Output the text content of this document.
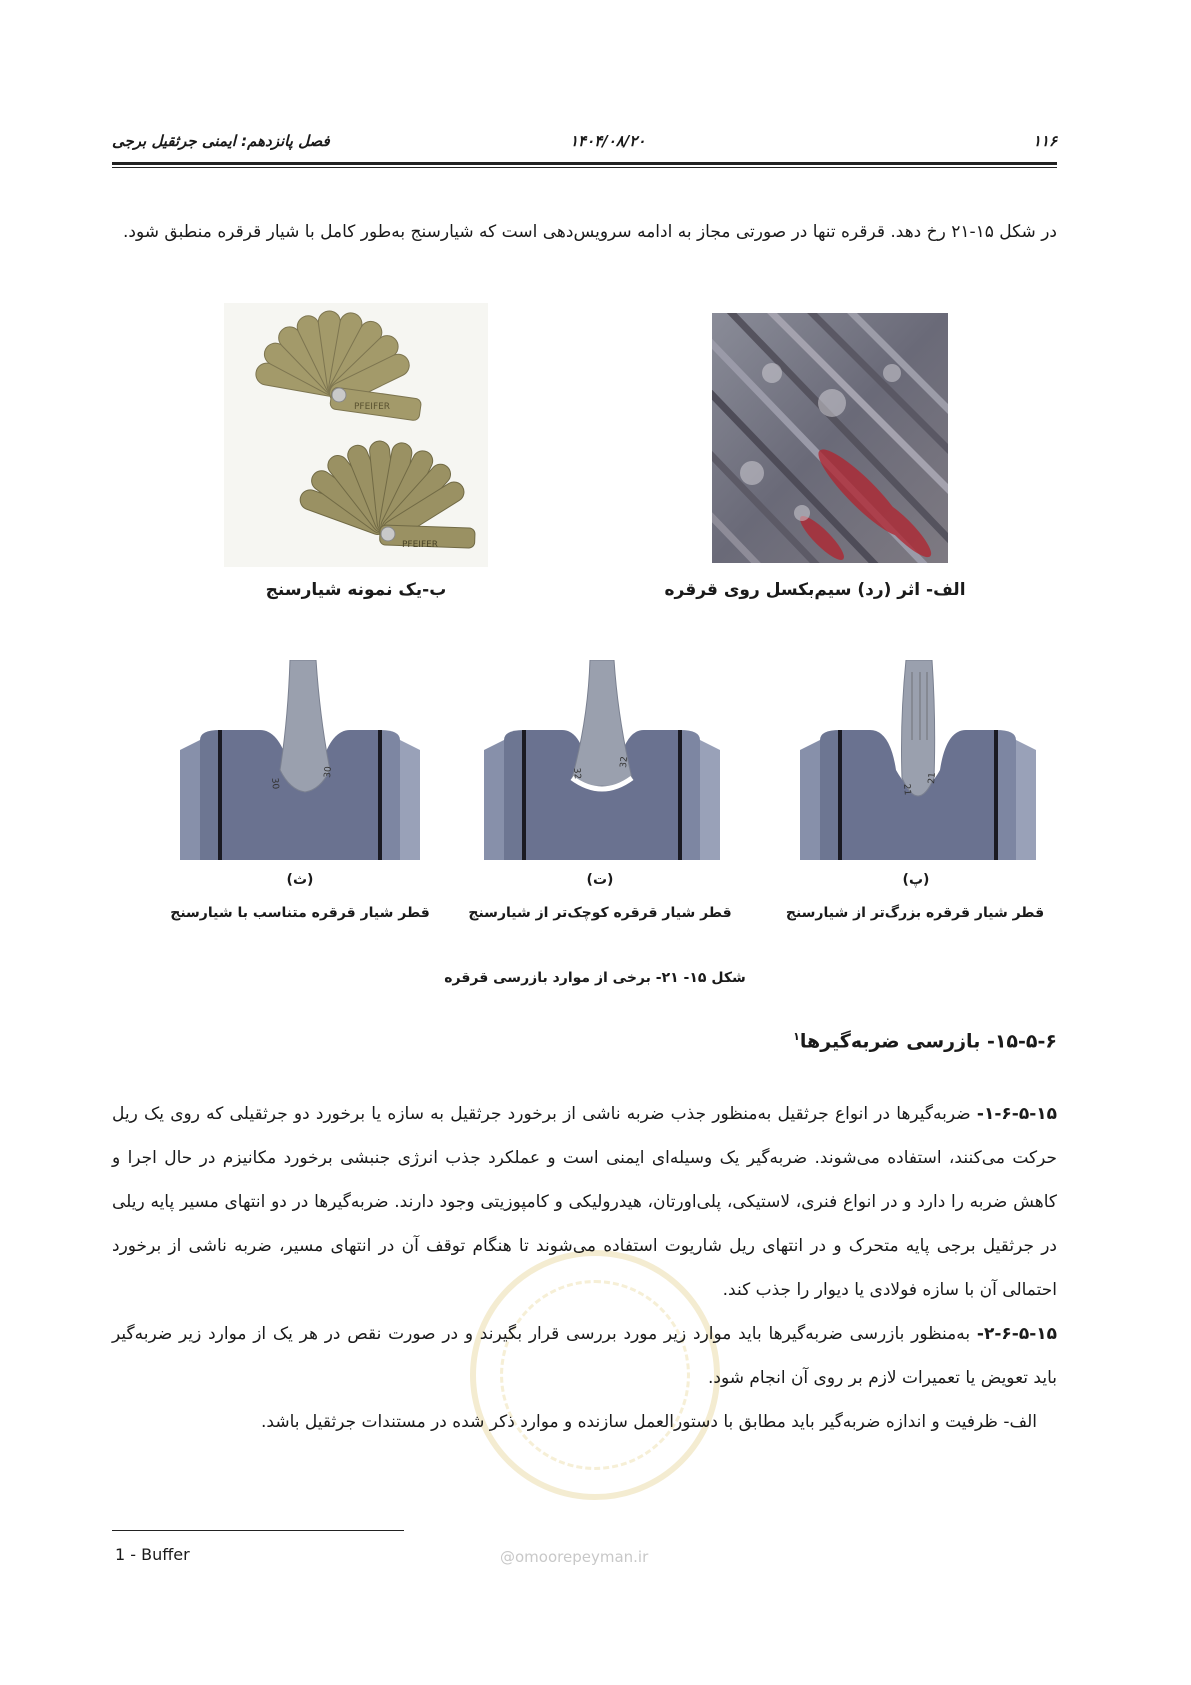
@omoorepeyman.ir
فصل پانزدهم: ایمنی جرثقیل برجی	۱۴۰۴/۰۸/۲۰	۱۱۶
در شکل ۱۵-۲۱ رخ دهد. قرقره تنها در صورتی مجاز به ادامه سرویس‌دهی است که شیارسنج به‌طور کامل با شیار قرقره منطبق شود.
PFEIFER
PFEIFER
ب-یک نمونه شیارسنج	الف- اثر (رد) سیم‌بکسل روی قرقره
30
30	32
32
21
21
(ث)	(ت)	(پ)
قطر شیار قرقره متناسب با شیارسنج	قطر شیار قرقره کوچک‌تر از شیارسنج	قطر شیار قرقره بزرگ‌تر از شیارسنج
شکل ۱۵- ۲۱- برخی از موارد بازرسی قرقره
۱۵-۵-۶- بازرسی ضربه‌گیرها$^۱$
۱-۶-۵-۱۵- ضربه‌گیرها در انواع جرثقیل به‌منظور جذب ضربه ناشی از برخورد جرثقیل به سازه یا برخورد دو جرثقیلی که روی یک ریل حرکت می‌کنند، استفاده می‌شوند. ضربه‌گیر یک وسیله‌ای ایمنی است و عملکرد جذب انرژی جنبشی برخورد مکانیزم در حال اجرا و کاهش ضربه را دارد و در انواع فنری، لاستیکی، پلی‌اورتان، هیدرولیکی و کامپوزیتی وجود دارند. ضربه‌گیرها در دو انتهای مسیر پایه ریلی در جرثقیل برجی پایه متحرک و در انتهای ریل شاریوت استفاده می‌شوند تا هنگام توقف آن در انتهای مسیر، ضربه ناشی از برخورد احتمالی آن با سازه فولادی یا دیوار را جذب کند.
۲-۶-۵-۱۵- به‌منظور بازرسی ضربه‌گیرها باید موارد زیر مورد بررسی قرار بگیرند و در صورت نقص در هر یک از موارد زیر ضربه‌گیر باید تعویض یا تعمیرات لازم بر روی آن انجام شود.
الف- ظرفیت و اندازه ضربه‌گیر باید مطابق با دستورالعمل سازنده و موارد ذکر شده در مستندات جرثقیل باشد.
1 - Buffer
